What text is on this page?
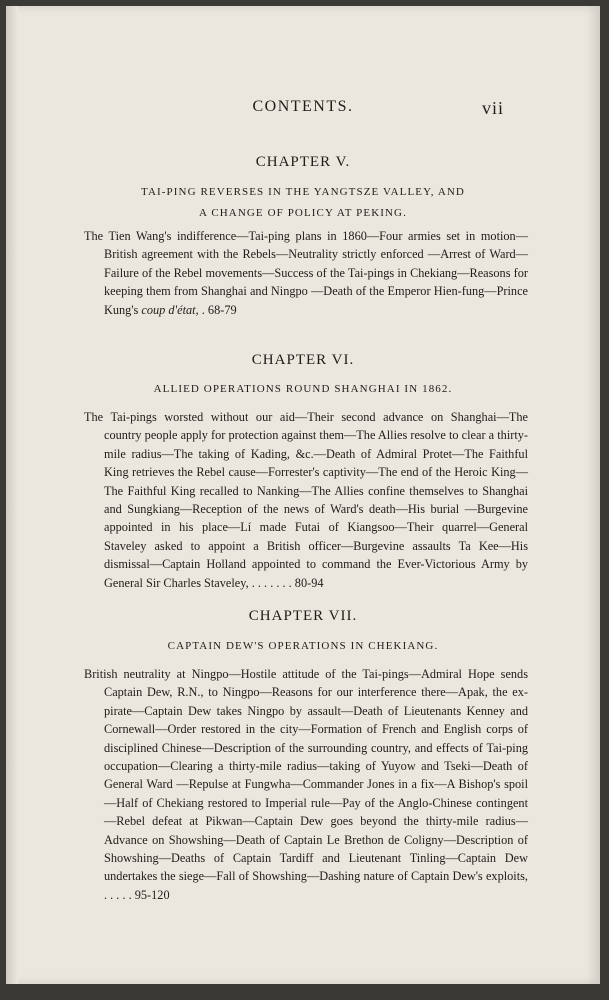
CONTENTS.	vii
CHAPTER V.
TAI-PING REVERSES IN THE YANGTSZE VALLEY, AND
A CHANGE OF POLICY AT PEKING.
The Tien Wang's indifference—Tai-ping plans in 1860—Four armies set in motion—British agreement with the Rebels—Neutrality strictly enforced —Arrest of Ward—Failure of the Rebel movements—Success of the Tai-pings in Chekiang—Reasons for keeping them from Shanghai and Ningpo —Death of the Emperor Hien-fung—Prince Kung's coup d'état, . 68-79
CHAPTER VI.
ALLIED OPERATIONS ROUND SHANGHAI IN 1862.
The Tai-pings worsted without our aid—Their second advance on Shanghai—The country people apply for protection against them—The Allies resolve to clear a thirty-mile radius—The taking of Kading, &c.—Death of Admiral Protet—The Faithful King retrieves the Rebel cause—Forrester's captivity—The end of the Heroic King—The Faithful King recalled to Nanking—The Allies confine themselves to Shanghai and Sungkiang—Reception of the news of Ward's death—His burial —Burgevine appointed in his place—Lí made Futai of Kiangsoo—Their quarrel—General Staveley asked to appoint a British officer—Burgevine assaults Ta Kee—His dismissal—Captain Holland appointed to command the Ever-Victorious Army by General Sir Charles Staveley, . . . . . . . 80-94
CHAPTER VII.
CAPTAIN DEW'S OPERATIONS IN CHEKIANG.
British neutrality at Ningpo—Hostile attitude of the Tai-pings—Admiral Hope sends Captain Dew, R.N., to Ningpo—Reasons for our interference there—Apak, the ex-pirate—Captain Dew takes Ningpo by assault—Death of Lieutenants Kenney and Cornewall—Order restored in the city—Formation of French and English corps of disciplined Chinese—Description of the surrounding country, and effects of Tai-ping occupation—Clearing a thirty-mile radius—taking of Yuyow and Tseki—Death of General Ward —Repulse at Fungwha—Commander Jones in a fix—A Bishop's spoil—Half of Chekiang restored to Imperial rule—Pay of the Anglo-Chinese contingent—Rebel defeat at Pikwan—Captain Dew goes beyond the thirty-mile radius—Advance on Showshing—Death of Captain Le Brethon de Coligny—Description of Showshing—Deaths of Captain Tardiff and Lieutenant Tinling—Captain Dew undertakes the siege—Fall of Showshing—Dashing nature of Captain Dew's exploits, . . . . . 95-120
